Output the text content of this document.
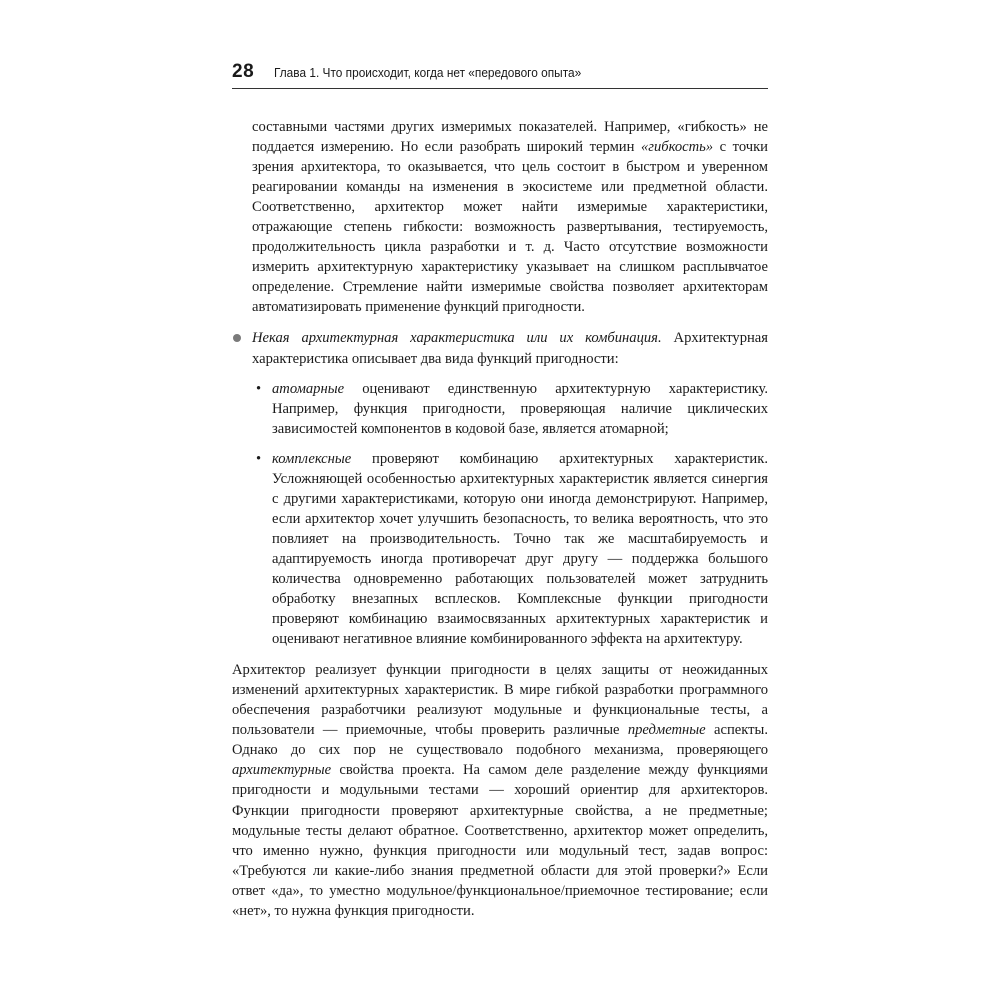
28 Глава 1. Что происходит, когда нет «передового опыта»

составными частями других измеримых показателей. Например, «гибкость» не поддается измерению. Но если разобрать широкий термин «гибкость» с точки зрения архитектора, то оказывается, что цель состоит в быстром и уверенном реагировании команды на изменения в экосистеме или предметной области. Соответственно, архитектор может найти измеримые характеристики, отражающие степень гибкости: возможность развертывания, тестируемость, продолжительность цикла разработки и т. д. Часто отсутствие возможности измерить архитектурную характеристику указывает на слишком расплывчатое определение. Стремление найти измеримые свойства позволяет архитекторам автоматизировать применение функций пригодности.

Некая архитектурная характеристика или их комбинация. Архитектурная характеристика описывает два вида функций пригодности:

• атомарные оценивают единственную архитектурную характеристику. Например, функция пригодности, проверяющая наличие циклических зависимостей компонентов в кодовой базе, является атомарной;

• комплексные проверяют комбинацию архитектурных характеристик. Усложняющей особенностью архитектурных характеристик является синергия с другими характеристиками, которую они иногда демонстрируют. Например, если архитектор хочет улучшить безопасность, то велика вероятность, что это повлияет на производительность. Точно так же масштабируемость и адаптируемость иногда противоречат друг другу — поддержка большого количества одновременно работающих пользователей может затруднить обработку внезапных всплесков. Комплексные функции пригодности проверяют комбинацию взаимосвязанных архитектурных характеристик и оценивают негативное влияние комбинированного эффекта на архитектуру.

Архитектор реализует функции пригодности в целях защиты от неожиданных изменений архитектурных характеристик. В мире гибкой разработки программного обеспечения разработчики реализуют модульные и функциональные тесты, а пользователи — приемочные, чтобы проверить различные предметные аспекты. Однако до сих пор не существовало подобного механизма, проверяющего архитектурные свойства проекта. На самом деле разделение между функциями пригодности и модульными тестами — хороший ориентир для архитекторов. Функции пригодности проверяют архитектурные свойства, а не предметные; модульные тесты делают обратное. Соответственно, архитектор может определить, что именно нужно, функция пригодности или модульный тест, задав вопрос: «Требуются ли какие-либо знания предметной области для этой проверки?» Если ответ «да», то уместно модульное/функциональное/приемочное тестирование; если «нет», то нужна функция пригодности.
